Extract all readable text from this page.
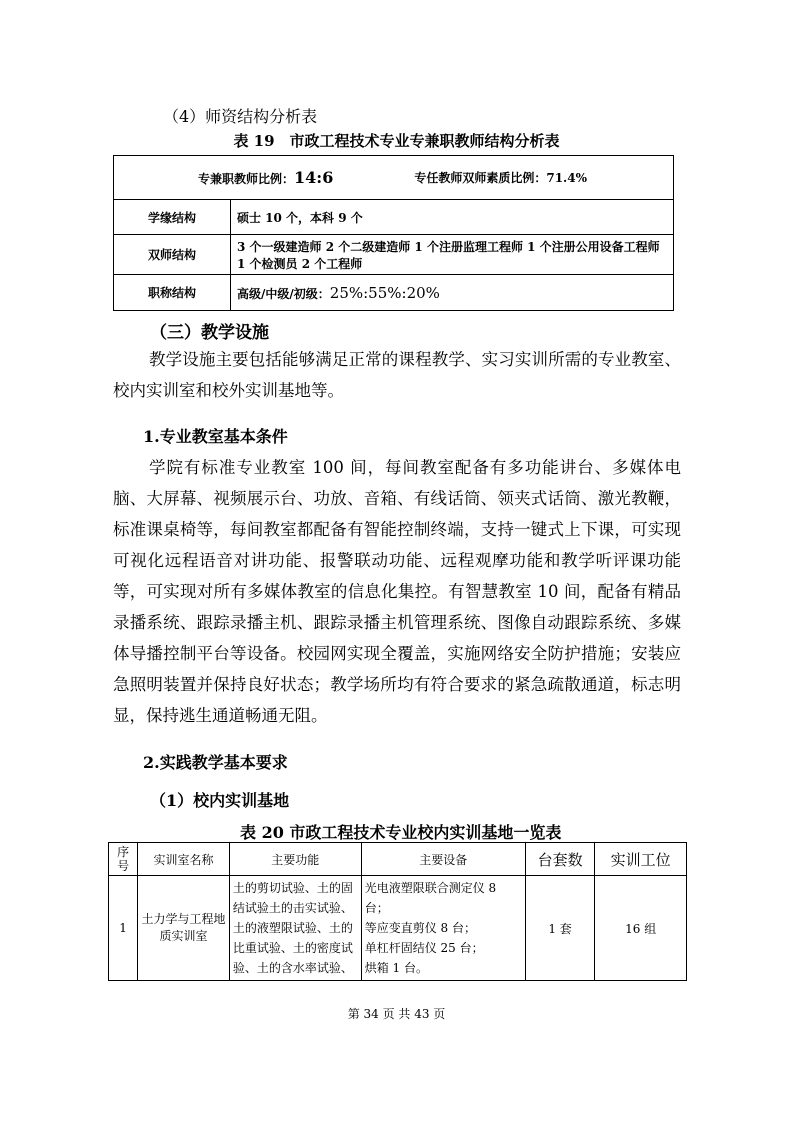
（4）师资结构分析表
表 19　市政工程技术专业专兼职教师结构分析表
专兼职教师比例：14:6 专任教师双师素质比例：71.4%	

学缘结构	硕士 10 个，本科 9 个
双师结构	3 个一级建造师 2 个二级建造师 1 个注册监理工程师 1 个注册公用设备工程师 1 个检测员 2 个工程师
职称结构	高级/中级/初级：25%:55%:20%
（三）教学设施
教学设施主要包括能够满足正常的课程教学、实习实训所需的专业教室、校内实训室和校外实训基地等。
1.专业教室基本条件
学院有标准专业教室 100 间，每间教室配备有多功能讲台、多媒体电脑、大屏幕、视频展示台、功放、音箱、有线话筒、领夹式话筒、激光教鞭，标准课桌椅等，每间教室都配备有智能控制终端，支持一键式上下课，可实现可视化远程语音对讲功能、报警联动功能、远程观摩功能和教学听评课功能等，可实现对所有多媒体教室的信息化集控。有智慧教室 10 间，配备有精品录播系统、跟踪录播主机、跟踪录播主机管理系统、图像自动跟踪系统、多媒体导播控制平台等设备。校园网实现全覆盖，实施网络安全防护措施；安装应急照明装置并保持良好状态；教学场所均有符合要求的紧急疏散通道，标志明显，保持逃生通道畅通无阻。
2.实践教学基本要求
（1）校内实训基地
表 20 市政工程技术专业校内实训基地一览表
序号	实训室名称	主要功能	主要设备	台套数	实训工位
1	土力学与工程地质实训室	土的剪切试验、土的固结试验土的击实试验、土的液塑限试验、土的比重试验、土的密度试验、土的含水率试验、	光电液塑限联合测定仪 8 台；
等应变直剪仪 8 台；
单杠杆固结仪 25 台；
烘箱 1 台。	1 套	16 组
第 34 页 共 43 页
